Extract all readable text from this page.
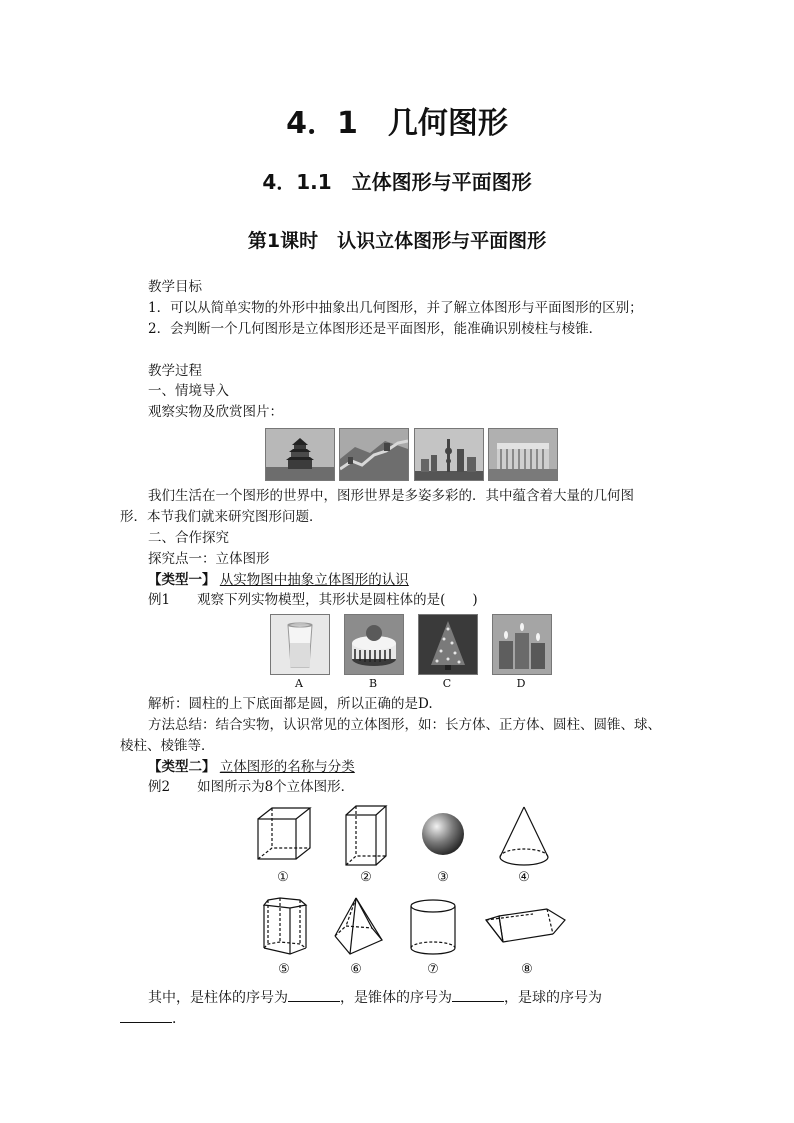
4．1　几何图形
4．1.1　立体图形与平面图形
第1课时　认识立体图形与平面图形
教学目标
1．可以从简单实物的外形中抽象出几何图形，并了解立体图形与平面图形的区别；
2．会判断一个几何图形是立体图形还是平面图形，能准确识别棱柱与棱锥．
教学过程
一、情境导入
观察实物及欣赏图片：
我们生活在一个图形的世界中，图形世界是多姿多彩的．其中蕴含着大量的几何图
形．本节我们就来研究图形问题．
二、合作探究
探究点一：立体图形
【类型一】 从实物图中抽象立体图形的认识
例1　　观察下列实物模型，其形状是圆柱体的是(　　)
A	B	C	D
解析：圆柱的上下底面都是圆，所以正确的是D.
方法总结：结合实物，认识常见的立体图形，如：长方体、正方体、圆柱、圆锥、球、
棱柱、棱锥等．
【类型二】 立体图形的名称与分类
例2　　如图所示为8个立体图形．
①	②	③	④
⑤	⑥	⑦	⑧
其中，是柱体的序号为	，是锥体的序号为	，是球的序号为
．
